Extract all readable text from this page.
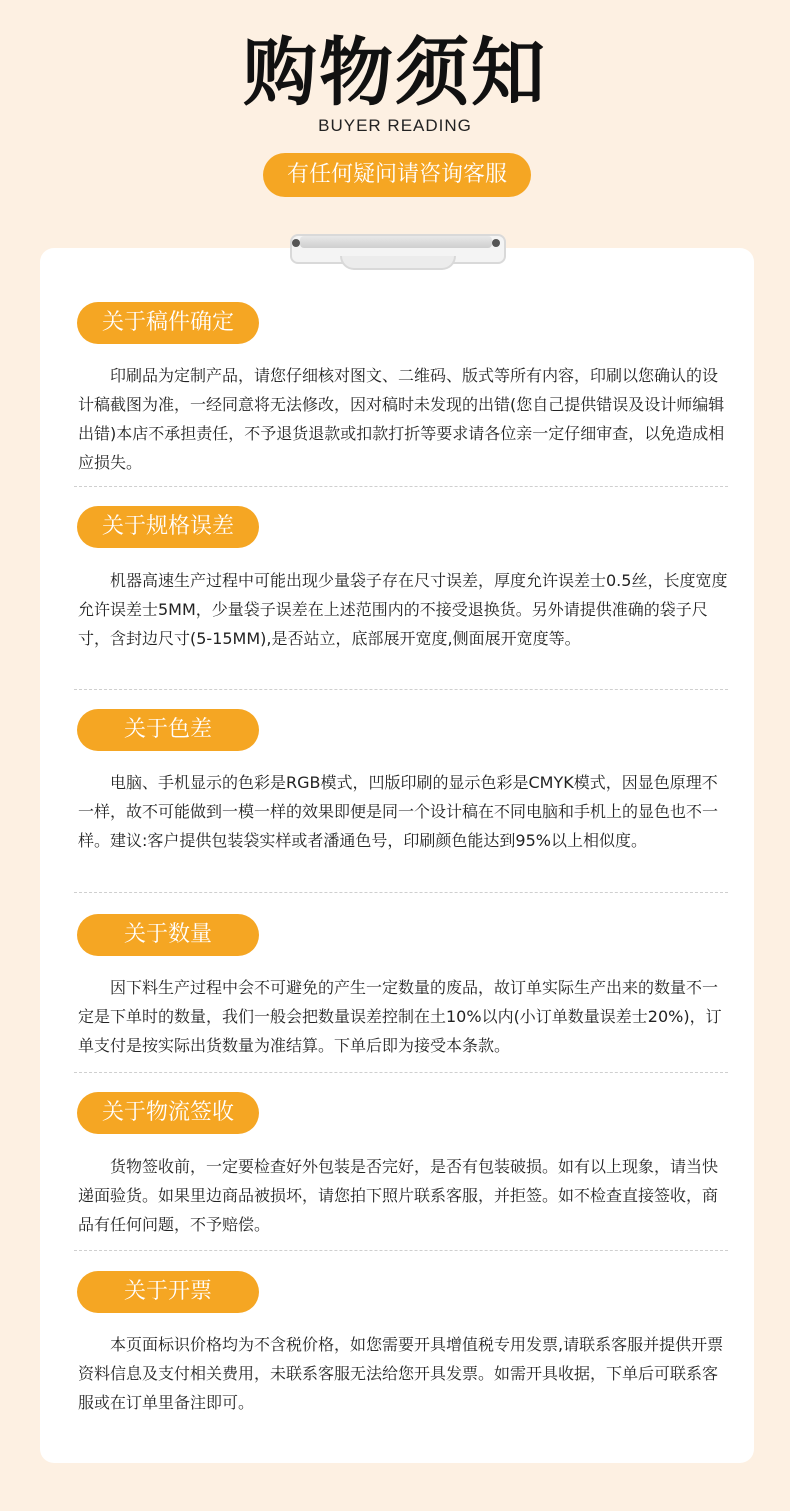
购物须知
BUYER READING
有任何疑问请咨询客服
关于稿件确定

印刷品为定制产品，请您仔细核对图文、二维码、版式等所有内容，印刷以您确认的设计稿截图为准，一经同意将无法修改，因对稿时未发现的出错(您自己提供错误及设计师编辑出错)本店不承担责任，不予退货退款或扣款打折等要求请各位亲一定仔细审查，以免造成相应损失。

关于规格误差

机器高速生产过程中可能出现少量袋子存在尺寸误差，厚度允许误差士0.5丝，长度宽度允许误差士5MM，少量袋子误差在上述范围内的不接受退换货。另外请提供准确的袋子尺寸，含封边尺寸(5-15MM),是否站立，底部展开宽度,侧面展开宽度等。

关于色差

电脑、手机显示的色彩是RGB模式，凹版印刷的显示色彩是CMYK模式，因显色原理不一样，故不可能做到一模一样的效果即便是同一个设计稿在不同电脑和手机上的显色也不一样。建议:客户提供包装袋实样或者潘通色号，印刷颜色能达到95%以上相似度。

关于数量

因下料生产过程中会不可避免的产生一定数量的废品，故订单实际生产出来的数量不一定是下单时的数量，我们一般会把数量误差控制在土10%以内(小订单数量误差士20%)，订单支付是按实际出货数量为准结算。下单后即为接受本条款。

关于物流签收

货物签收前，一定要检查好外包装是否完好，是否有包装破损。如有以上现象，请当快递面验货。如果里边商品被损坏，请您拍下照片联系客服，并拒签。如不检查直接签收，商品有任何问题，不予赔偿。

关于开票

本页面标识价格均为不含税价格，如您需要开具增值税专用发票,请联系客服并提供开票资料信息及支付相关费用，未联系客服无法给您开具发票。如需开具收据，下单后可联系客服或在订单里备注即可。
